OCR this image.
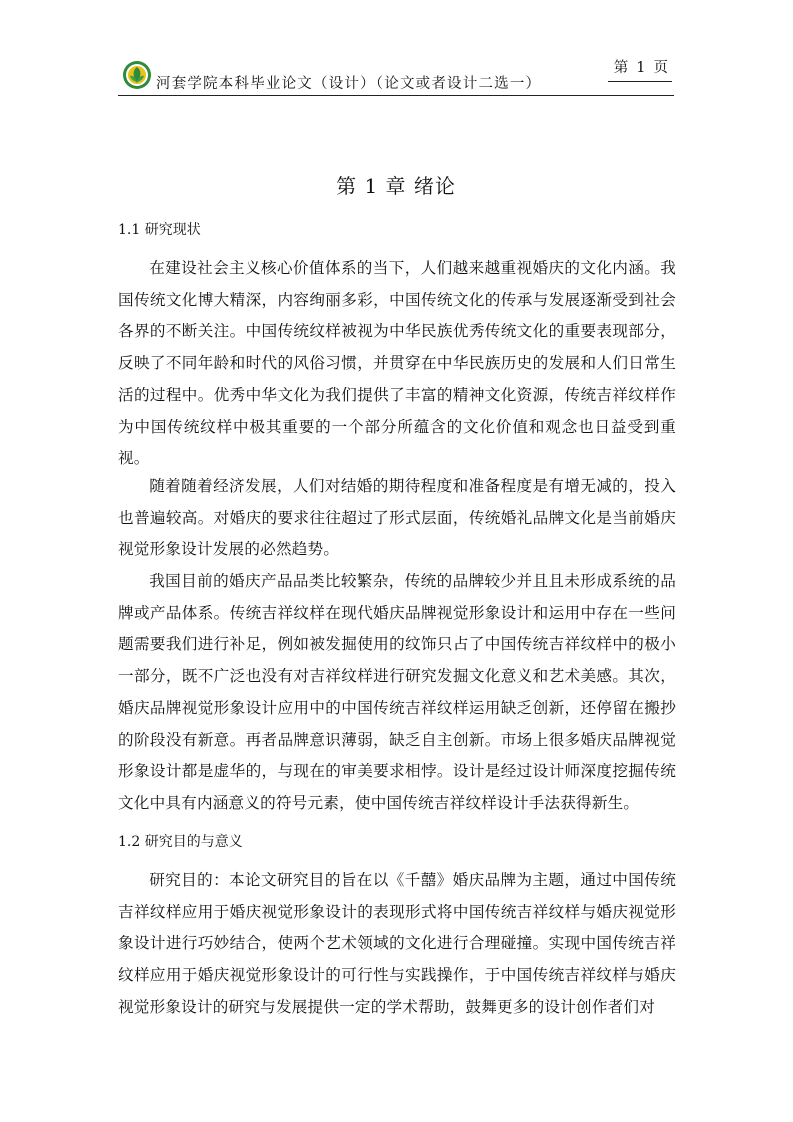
河套学院本科毕业论文（设计）（论文或者设计二选一）
第 1 页
第 1 章 绪论
1.1 研究现状

在建设社会主义核心价值体系的当下，人们越来越重视婚庆的文化内涵。我国传统文化博大精深，内容绚丽多彩，中国传统文化的传承与发展逐渐受到社会各界的不断关注。中国传统纹样被视为中华民族优秀传统文化的重要表现部分，反映了不同年龄和时代的风俗习惯，并贯穿在中华民族历史的发展和人们日常生活的过程中。优秀中华文化为我们提供了丰富的精神文化资源，传统吉祥纹样作为中国传统纹样中极其重要的一个部分所蕴含的文化价值和观念也日益受到重视。

随着随着经济发展，人们对结婚的期待程度和准备程度是有增无减的，投入也普遍较高。对婚庆的要求往往超过了形式层面，传统婚礼品牌文化是当前婚庆视觉形象设计发展的必然趋势。

我国目前的婚庆产品品类比较繁杂，传统的品牌较少并且且未形成系统的品牌或产品体系。传统吉祥纹样在现代婚庆品牌视觉形象设计和运用中存在一些问题需要我们进行补足，例如被发掘使用的纹饰只占了中国传统吉祥纹样中的极小一部分，既不广泛也没有对吉祥纹样进行研究发掘文化意义和艺术美感。其次，婚庆品牌视觉形象设计应用中的中国传统吉祥纹样运用缺乏创新，还停留在搬抄的阶段没有新意。再者品牌意识薄弱，缺乏自主创新。市场上很多婚庆品牌视觉形象设计都是虚华的，与现在的审美要求相悖。设计是经过设计师深度挖掘传统文化中具有内涵意义的符号元素，使中国传统吉祥纹样设计手法获得新生。

1.2 研究目的与意义

研究目的：本论文研究目的旨在以《千囍》婚庆品牌为主题，通过中国传统吉祥纹样应用于婚庆视觉形象设计的表现形式将中国传统吉祥纹样与婚庆视觉形象设计进行巧妙结合，使两个艺术领域的文化进行合理碰撞。实现中国传统吉祥纹样应用于婚庆视觉形象设计的可行性与实践操作，于中国传统吉祥纹样与婚庆视觉形象设计的研究与发展提供一定的学术帮助，鼓舞更多的设计创作者们对
